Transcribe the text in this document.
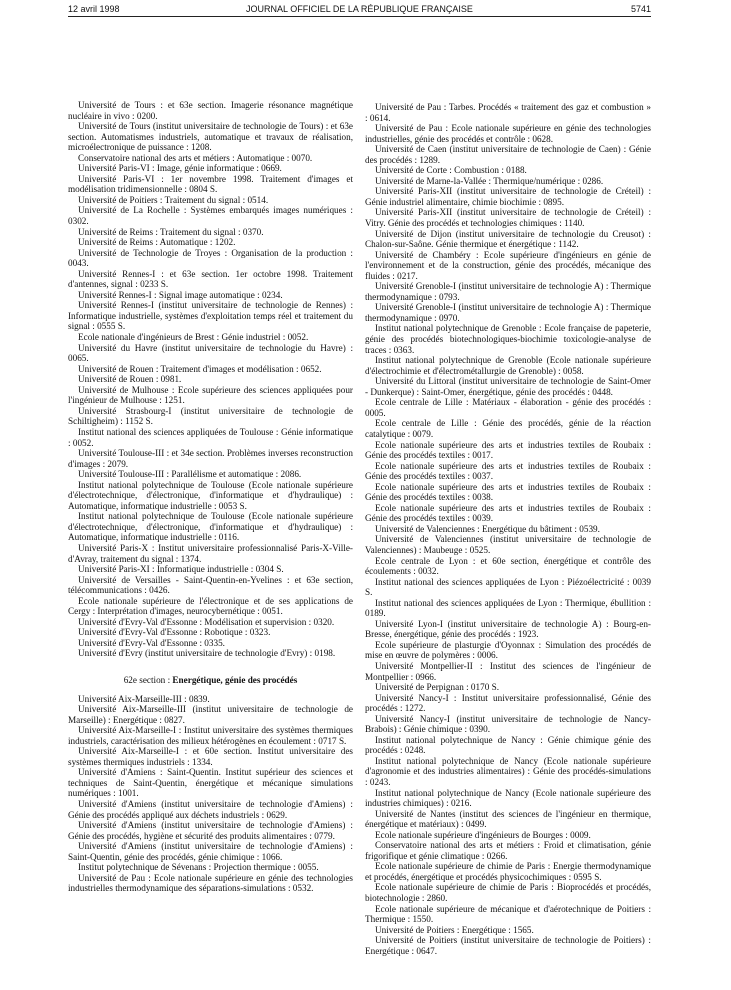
12 avril 1998	JOURNAL OFFICIEL DE LA RÉPUBLIQUE FRANÇAISE	5741

Université de Tours : et 63e section. Imagerie résonance magnétique nucléaire in vivo : 0200.

Université de Tours (institut universitaire de technologie de Tours) : et 63e section. Automatismes industriels, automatique et travaux de réalisation, microélectronique de puissance : 1208.

Conservatoire national des arts et métiers : Automatique : 0070.

Université Paris-VI : Image, génie informatique : 0669.

Université Paris-VI : 1er novembre 1998. Traitement d'images et modélisation tridimensionnelle : 0804 S.

Université de Poitiers : Traitement du signal : 0514.

Université de La Rochelle : Systèmes embarqués images numériques : 0302.

Université de Reims : Traitement du signal : 0370.

Université de Reims : Automatique : 1202.

Université de Technologie de Troyes : Organisation de la production : 0043.

Université Rennes-I : et 63e section. 1er octobre 1998. Traitement d'antennes, signal : 0233 S.

Université Rennes-I : Signal image automatique : 0234.

Université Rennes-I (institut universitaire de technologie de Rennes) : Informatique industrielle, systèmes d'exploitation temps réel et traitement du signal : 0555 S.

Ecole nationale d'ingénieurs de Brest : Génie industriel : 0052.

Université du Havre (institut universitaire de technologie du Havre) : 0065.

Université de Rouen : Traitement d'images et modélisation : 0652.

Université de Rouen : 0981.

Université de Mulhouse : Ecole supérieure des sciences appliquées pour l'ingénieur de Mulhouse : 1251.

Université Strasbourg-I (institut universitaire de technologie de Schiltigheim) : 1152 S.

Institut national des sciences appliquées de Toulouse : Génie informatique : 0052.

Université Toulouse-III : et 34e section. Problèmes inverses reconstruction d'images : 2079.

Université Toulouse-III : Parallélisme et automatique : 2086.

Institut national polytechnique de Toulouse (Ecole nationale supérieure d'électrotechnique, d'électronique, d'informatique et d'hydraulique) : Automatique, informatique industrielle : 0053 S.

Institut national polytechnique de Toulouse (Ecole nationale supérieure d'électrotechnique, d'électronique, d'informatique et d'hydraulique) : Automatique, informatique industrielle : 0116.

Université Paris-X : Institut universitaire professionnalisé Paris-X-Ville-d'Avray, traitement du signal : 1374.

Université Paris-XI : Informatique industrielle : 0304 S.

Université de Versailles - Saint-Quentin-en-Yvelines : et 63e section, télécommunications : 0426.

Ecole nationale supérieure de l'électronique et de ses applications de Cergy : Interprétation d'images, neurocybernétique : 0051.

Université d'Evry-Val d'Essonne : Modélisation et supervision : 0320.

Université d'Evry-Val d'Essonne : Robotique : 0323.

Université d'Evry-Val d'Essonne : 0335.

Université d'Evry (institut universitaire de technologie d'Evry) : 0198.

62e section : Energétique, génie des procédés

Université Aix-Marseille-III : 0839.

Université Aix-Marseille-III (institut universitaire de technologie de Marseille) : Energétique : 0827.

Université Aix-Marseille-I : Institut universitaire des systèmes thermiques industriels, caractérisation des milieux hétérogènes en écoulement : 0717 S.

Université Aix-Marseille-I : et 60e section. Institut universitaire des systèmes thermiques industriels : 1334.

Université d'Amiens : Saint-Quentin. Institut supérieur des sciences et techniques de Saint-Quentin, énergétique et mécanique simulations numériques : 1001.

Université d'Amiens (institut universitaire de technologie d'Amiens) : Génie des procédés appliqué aux déchets industriels : 0629.

Université d'Amiens (institut universitaire de technologie d'Amiens) : Génie des procédés, hygiène et sécurité des produits alimentaires : 0779.

Université d'Amiens (institut universitaire de technologie d'Amiens) : Saint-Quentin, génie des procédés, génie chimique : 1066.

Institut polytechnique de Sévenans : Projection thermique : 0055.

Université de Pau : Ecole nationale supérieure en génie des technologies industrielles thermodynamique des séparations-simulations : 0532.

Université de Pau : Tarbes. Procédés « traitement des gaz et combustion » : 0614.

Université de Pau : Ecole nationale supérieure en génie des technologies industrielles, génie des procédés et contrôle : 0628.

Université de Caen (institut universitaire de technologie de Caen) : Génie des procédés : 1289.

Université de Corte : Combustion : 0188.

Université de Marne-la-Vallée : Thermique/numérique : 0286.

Université Paris-XII (institut universitaire de technologie de Créteil) : Génie industriel alimentaire, chimie biochimie : 0895.

Université Paris-XII (institut universitaire de technologie de Créteil) : Vitry. Génie des procédés et technologies chimiques : 1140.

Université de Dijon (institut universitaire de technologie du Creusot) : Chalon-sur-Saône. Génie thermique et énergétique : 1142.

Université de Chambéry : Ecole supérieure d'ingénieurs en génie de l'environnement et de la construction, génie des procédés, mécanique des fluides : 0217.

Université Grenoble-I (institut universitaire de technologie A) : Thermique thermodynamique : 0793.

Université Grenoble-I (institut universitaire de technologie A) : Thermique thermodynamique : 0970.

Institut national polytechnique de Grenoble : Ecole française de papeterie, génie des procédés biotechnologiques-biochimie toxicologie-analyse de traces : 0363.

Institut national polytechnique de Grenoble (Ecole nationale supérieure d'électrochimie et d'électrométallurgie de Grenoble) : 0058.

Université du Littoral (institut universitaire de technologie de Saint-Omer - Dunkerque) : Saint-Omer, énergétique, génie des procédés : 0448.

Ecole centrale de Lille : Matériaux - élaboration - génie des procédés : 0005.

Ecole centrale de Lille : Génie des procédés, génie de la réaction catalytique : 0079.

Ecole nationale supérieure des arts et industries textiles de Roubaix : Génie des procédés textiles : 0017.

Ecole nationale supérieure des arts et industries textiles de Roubaix : Génie des procédés textiles : 0037.

Ecole nationale supérieure des arts et industries textiles de Roubaix : Génie des procédés textiles : 0038.

Ecole nationale supérieure des arts et industries textiles de Roubaix : Génie des procédés textiles : 0039.

Université de Valenciennes : Energétique du bâtiment : 0539.

Université de Valenciennes (institut universitaire de technologie de Valenciennes) : Maubeuge : 0525.

Ecole centrale de Lyon : et 60e section, énergétique et contrôle des écoulements : 0032.

Institut national des sciences appliquées de Lyon : Piézoélectricité : 0039 S.

Institut national des sciences appliquées de Lyon : Thermique, ébullition : 0189.

Université Lyon-I (institut universitaire de technologie A) : Bourg-en-Bresse, énergétique, génie des procédés : 1923.

Ecole supérieure de plasturgie d'Oyonnax : Simulation des procédés de mise en œuvre de polymères : 0006.

Université Montpellier-II : Institut des sciences de l'ingénieur de Montpellier : 0966.

Université de Perpignan : 0170 S.

Université Nancy-I : Institut universitaire professionnalisé, Génie des procédés : 1272.

Université Nancy-I (institut universitaire de technologie de Nancy-Brabois) : Génie chimique : 0390.

Institut national polytechnique de Nancy : Génie chimique génie des procédés : 0248.

Institut national polytechnique de Nancy (Ecole nationale supérieure d'agronomie et des industries alimentaires) : Génie des procédés-simulations : 0243.

Institut national polytechnique de Nancy (Ecole nationale supérieure des industries chimiques) : 0216.

Université de Nantes (institut des sciences de l'ingénieur en thermique, énergétique et matériaux) : 0499.

Ecole nationale supérieure d'ingénieurs de Bourges : 0009.

Conservatoire national des arts et métiers : Froid et climatisation, génie frigorifique et génie climatique : 0266.

Ecole nationale supérieure de chimie de Paris : Energie thermodynamique et procédés, énergétique et procédés physicochimiques : 0595 S.

Ecole nationale supérieure de chimie de Paris : Bioprocédés et procédés, biotechnologie : 2860.

Ecole nationale supérieure de mécanique et d'aérotechnique de Poitiers : Thermique : 1550.

Université de Poitiers : Energétique : 1565.

Université de Poitiers (institut universitaire de technologie de Poitiers) : Energétique : 0647.
